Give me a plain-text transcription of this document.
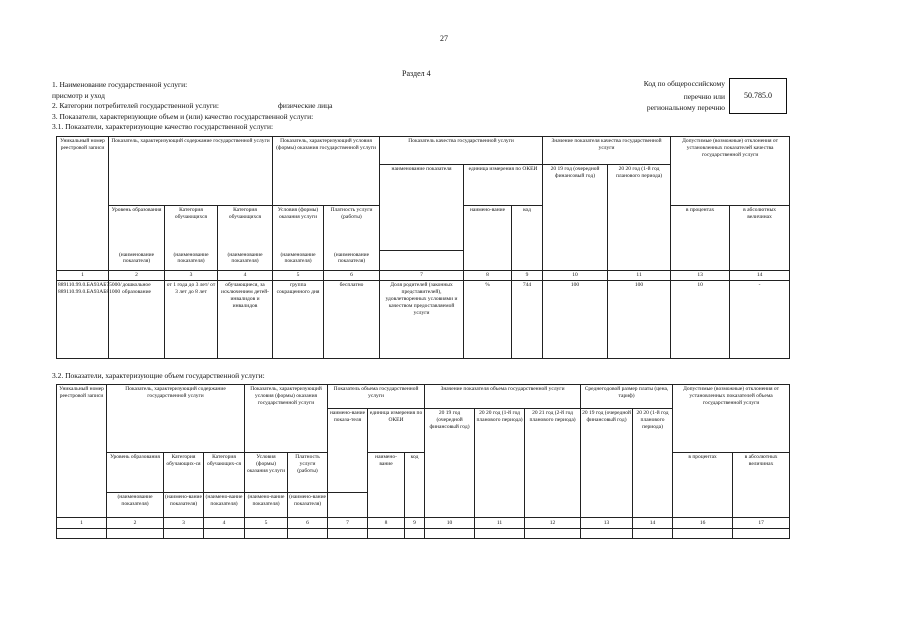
27
Раздел 4
1. Наименование государственной услуги:
присмотр и уход
2. Категории потребителей государственной услуги:	физические лица
3. Показатели, характеризующие объем и (или) качество государственной услуги:
3.1. Показатели, характеризующие качество государственной услуги:
Код по общероссийскому
перечню или
региональному перечню
50.785.0
Уникальный номер реестровой записи	Показатель, характеризующий содержание государственной услуги			Показатель, характеризующий условия (формы) оказания государственной услуги		Показатель качества государственной услуги			Значение показателя качества государственной услуги		Допустимые (возможные) отклонения от установленных показателей качества государственной услуги	
						наименование показателя	единица измерения по ОКЕИ		20 19 год (очередной финансовый год)	20 20 год (1-й год планового периода)		
	Уровень образования	Категория обучающихся	Категория обучающихся	Условия (формы) оказания услуги	Платность услуги (работы)		наимено-вание	код			в процентах	в абсолютных величинах
	(наименование показателя)	(наименование показателя)	(наименование показателя)	(наименование показателя)	(наименование показателя)							
1	2	3	4	5	6	7	8	9	10	11	13	14
889110.99.0.БА93АБ75000/ 889110.99.0.БА93АБ81000	дошкольное образование	от 1 года до 3 лет/ от 3 лет до 8 лет	обучающиеся, за исключением детей-инвалидов и инвалидов	группа сокращенного дня	бесплатно	Доля родителей (законных представителей), удовлетворенных условиями и качеством предоставляемой услуги	%	744	100	100	10	-
3.2. Показатели, характеризующие объем государственной услуги:
Уникальный номер реестровой записи	Показатель, характеризующий содержание государственной услуги			Показатель, характеризующий условия (формы) оказания государственной услуги		Показатель объема государственной услуги			Значение показателя объема государственной услуги			Среднегодовой размер платы (цена, тариф)		Допустимые (возможные) отклонения от установленных показателей объема государственной услуги	
						наимено-вание показа-теля	единица измерения по ОКЕИ		20 19 год (очередной финансовый год)	20 20 год (1-й год планового периода)	20 21 год (2-й год планового периода)	20 19 год (очередной финансовый год)	20 20 (1-й год планового периода)		
	Уровень образования	Категория обучающих-ся	Категория обучающих-ся	Условия (формы) оказания услуги	Платность услуги (работы)		наимено-вание	код						в процентах	в абсолютных величинах
	(наименование показателя)	(наимено-вание показателя)	(наимено-вание показателя)	(наимено-вание показателя)	(наимено-вание показателя)										
1	2	3	4	5	6	7	8	9	10	11	12	13	14	16	17
